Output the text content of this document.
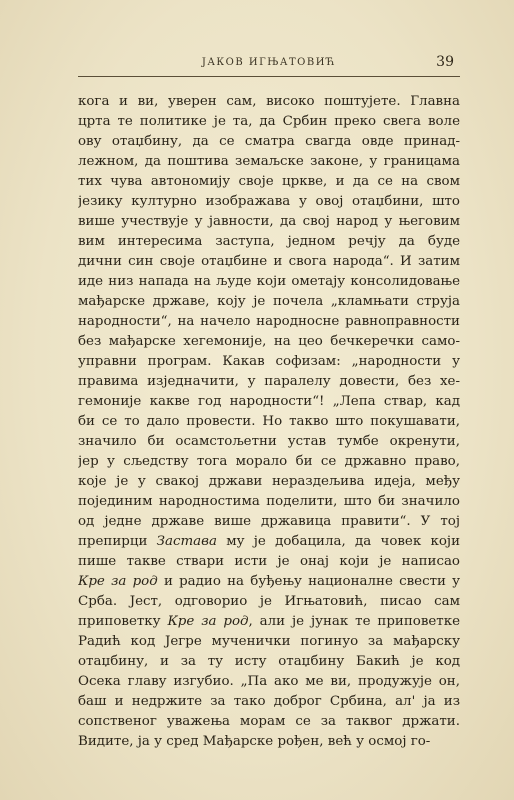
ЈАКОВ ИГЊАТОВИЋ	39
кога и ви, уверен сам, високо поштујете. Главна
црта те политике је та, да Србин преко свега воле
ову отаџбину, да се сматра свагда овде принад-
лежном, да поштива земаљске законе, у границама
тих чува автономију своје цркве, и да се на свом
језику културно изображава у овој отаџбини, што
више учествује у јавности, да свој народ у његовим
вим интересима заступа, једном речју да буде
дични син своје отаџбине и свога народа“. И затим
иде низ напада на људе који ометају консолидовање
мађарске државе, коју је почела „кламњати струја
народности“, на начело народносне равноправности
без мађарске хегемоније, на цео бечкеречки само-
управни програм. Какав софизам: „народности у
правима изједначити, у паралелу довести, без хе-
гемоније какве год народности“! „Лепа ствар, кад
би се то дало провести. Но такво што покушавати,
значило би осамстољетни устав тумбе окренути,
јер у сљедству тога морало би се државно право,
које је у свакој држави нераздељива идеја, међу
појединим народностима поделити, што би значило
од једне државе више државица правити“. У тој
препирци Застава му је добацила, да човек који
пише такве ствари исти је онај који је написао
Кре за род и радио на буђењу националне свести у
Срба. Јест, одговорио је Игњатовић, писао сам
приповетку Кре за род, али је јунак те приповетке
Радић код Јегре мученички погинуо за мађарску
отаџбину, и за ту исту отаџбину Бакић је код
Осека главу изгубио. „Па ако ме ви, продужује он,
баш и недржите за тако доброг Србина, ал' ја из
сопственог уважења морам се за таквог држати.
Видите, ја у сред Мађарске рођен, већ у осмој го-
